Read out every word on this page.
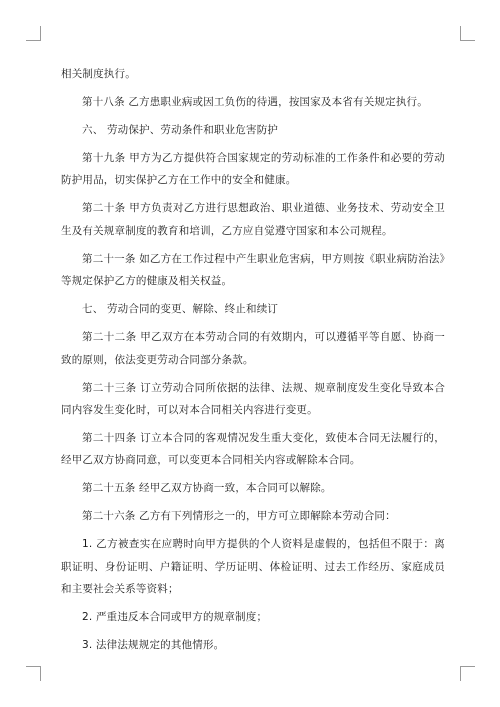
相关制度执行。

第十八条 乙方患职业病或因工负伤的待遇，按国家及本省有关规定执行。

六、 劳动保护、劳动条件和职业危害防护

第十九条 甲方为乙方提供符合国家规定的劳动标准的工作条件和必要的劳动防护用品，切实保护乙方在工作中的安全和健康。

第二十条 甲方负责对乙方进行思想政治、职业道德、业务技术、劳动安全卫生及有关规章制度的教育和培训，乙方应自觉遵守国家和本公司规程。

第二十一条 如乙方在工作过程中产生职业危害病，甲方则按《职业病防治法》等规定保护乙方的健康及相关权益。

七、 劳动合同的变更、解除、终止和续订

第二十二条 甲乙双方在本劳动合同的有效期内，可以遵循平等自愿、协商一致的原则，依法变更劳动合同部分条款。

第二十三条 订立劳动合同所依据的法律、法规、规章制度发生变化导致本合同内容发生变化时，可以对本合同相关内容进行变更。

第二十四条 订立本合同的客观情况发生重大变化，致使本合同无法履行的，经甲乙双方协商同意，可以变更本合同相关内容或解除本合同。

第二十五条 经甲乙双方协商一致，本合同可以解除。

第二十六条 乙方有下列情形之一的，甲方可立即解除本劳动合同：

1. 乙方被查实在应聘时向甲方提供的个人资料是虚假的，包括但不限于：离职证明、身份证明、户籍证明、学历证明、体检证明、过去工作经历、家庭成员和主要社会关系等资料；

2. 严重违反本合同或甲方的规章制度；

3. 法律法规规定的其他情形。
